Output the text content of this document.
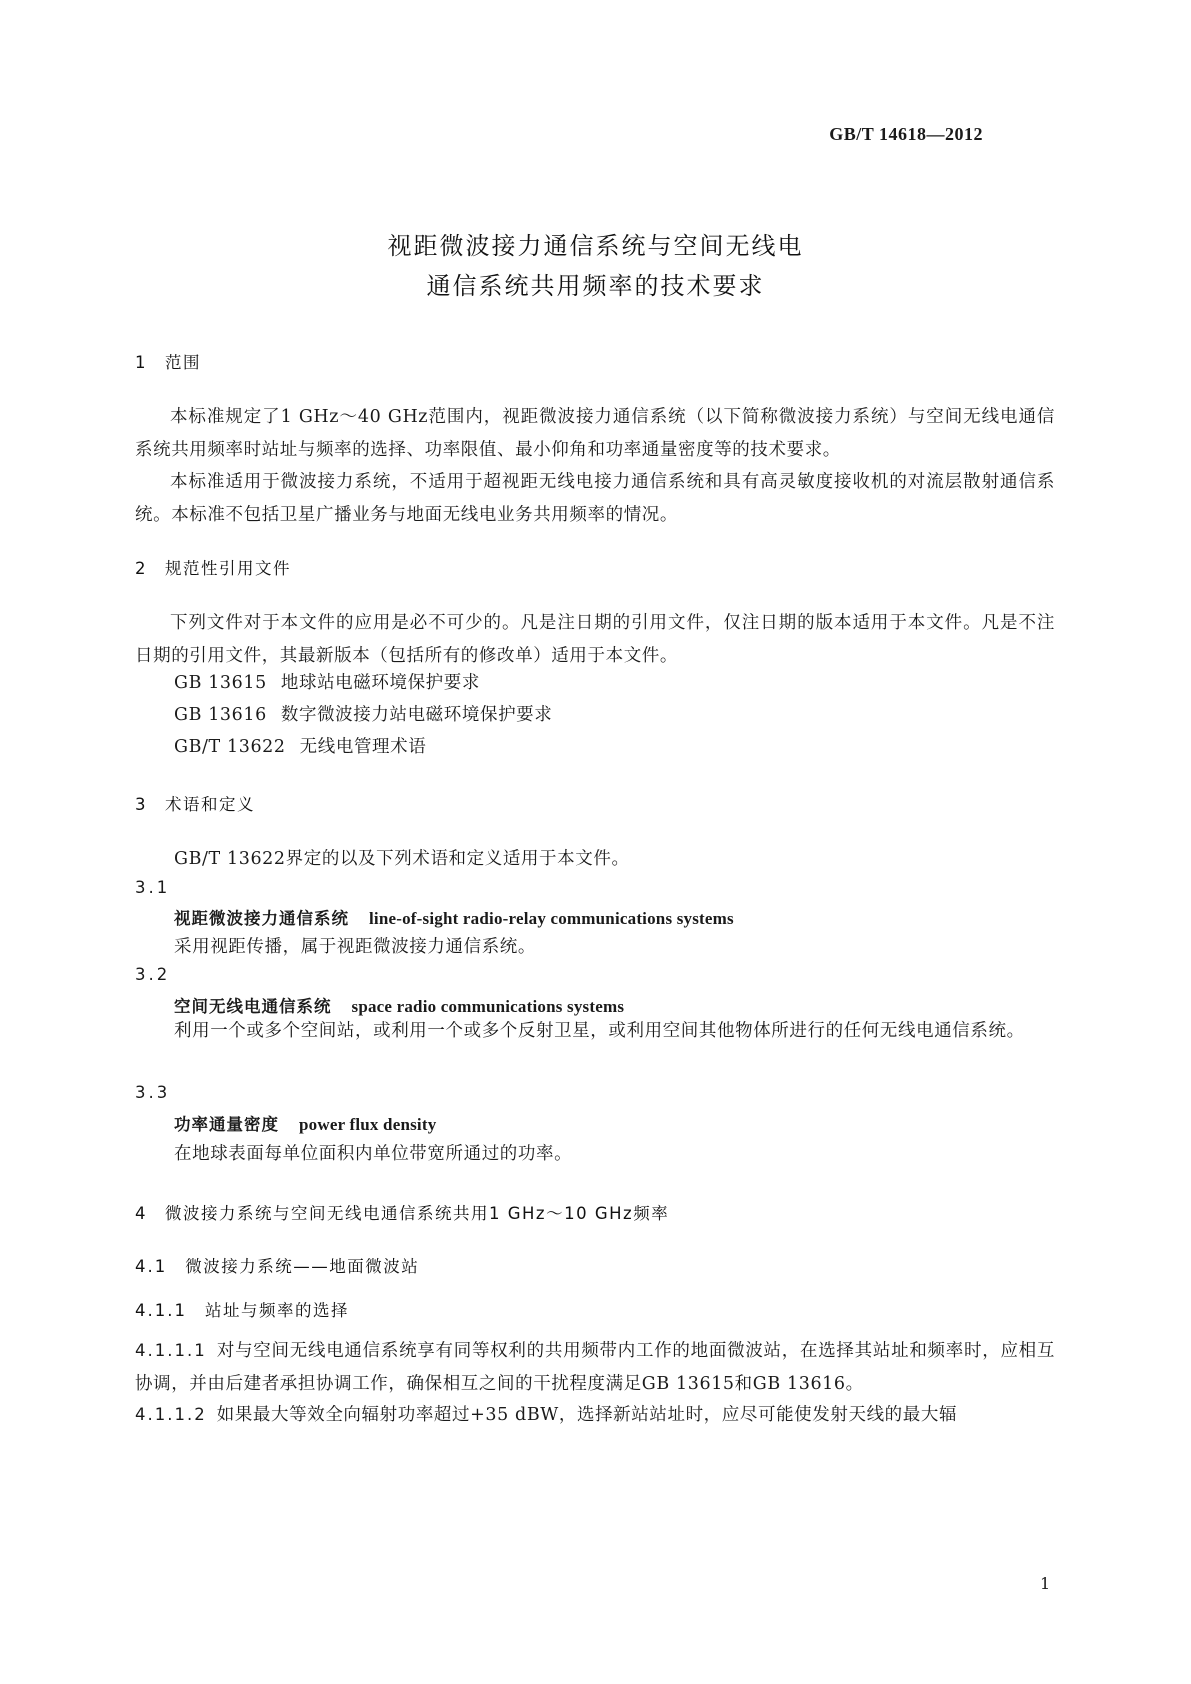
GB/T 14618—2012
视距微波接力通信系统与空间无线电
通信系统共用频率的技术要求
1 范围

本标准规定了1 GHz～40 GHz范围内，视距微波接力通信系统（以下简称微波接力系统）与空间无线电通信系统共用频率时站址与频率的选择、功率限值、最小仰角和功率通量密度等的技术要求。

本标准适用于微波接力系统，不适用于超视距无线电接力通信系统和具有高灵敏度接收机的对流层散射通信系统。本标准不包括卫星广播业务与地面无线电业务共用频率的情况。

2 规范性引用文件

下列文件对于本文件的应用是必不可少的。凡是注日期的引用文件，仅注日期的版本适用于本文件。凡是不注日期的引用文件，其最新版本（包括所有的修改单）适用于本文件。

GB 13615 地球站电磁环境保护要求
GB 13616 数字微波接力站电磁环境保护要求
GB/T 13622 无线电管理术语
3 术语和定义
GB/T 13622界定的以及下列术语和定义适用于本文件。
3.1
视距微波接力通信系统 line-of-sight radio-relay communications systems
采用视距传播，属于视距微波接力通信系统。
3.2
空间无线电通信系统 space radio communications systems

利用一个或多个空间站，或利用一个或多个反射卫星，或利用空间其他物体所进行的任何无线电通信系统。

3.3
功率通量密度 power flux density
在地球表面每单位面积内单位带宽所通过的功率。
4 微波接力系统与空间无线电通信系统共用1 GHz～10 GHz频率
4.1 微波接力系统——地面微波站
4.1.1 站址与频率的选择

4.1.1.1 对与空间无线电通信系统享有同等权利的共用频带内工作的地面微波站，在选择其站址和频率时，应相互协调，并由后建者承担协调工作，确保相互之间的干扰程度满足GB 13615和GB 13616。

4.1.1.2 如果最大等效全向辐射功率超过+35 dBW，选择新站站址时，应尽可能使发射天线的最大辐

1
